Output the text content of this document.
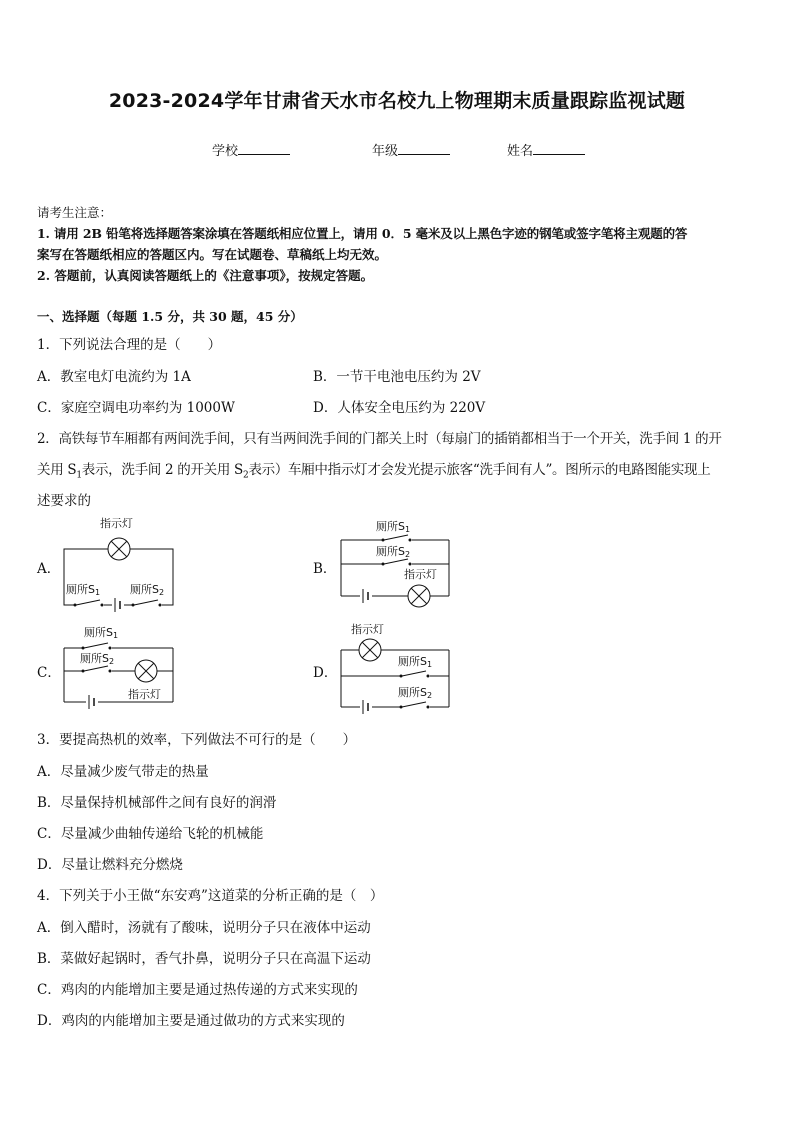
2023-2024学年甘肃省天水市名校九上物理期末质量跟踪监视试题
学校	年级	姓名
请考生注意：
1. 请用 2B 铅笔将选择题答案涂填在答题纸相应位置上，请用 0．5 毫米及以上黑色字迹的钢笔或签字笔将主观题的答
案写在答题纸相应的答题区内。写在试题卷、草稿纸上均无效。
2. 答题前，认真阅读答题纸上的《注意事项》，按规定答题。
一、选择题（每题 1.5 分，共 30 题，45 分）
1．下列说法合理的是（　　）
A．教室电灯电流约为 1A	B．一节干电池电压约为 2V
C．家庭空调电功率约为 1000W	D．人体安全电压约为 220V
2．高铁每节车厢都有两间洗手间，只有当两间洗手间的门都关上时（每扇门的插销都相当于一个开关，洗手间 1 的开
关用 $S_1$表示，洗手间 2 的开关用 $S_2$表示）车厢中指示灯才会发光提示旅客“洗手间有人”。图所示的电路图能实现上
述要求的
A．
指示灯
厕所S1	厕所S2
B．
厕所S1
厕所S2
指示灯
C．
厕所S1
厕所S2
指示灯
D．
指示灯
厕所S1
厕所S2
3．要提高热机的效率，下列做法不可行的是（　　）
A．尽量减少废气带走的热量
B．尽量保持机械部件之间有良好的润滑
C．尽量减少曲轴传递给飞轮的机械能
D．尽量让燃料充分燃烧
4．下列关于小王做“东安鸡”这道菜的分析正确的是（　）
A．倒入醋时，汤就有了酸味，说明分子只在液体中运动
B．菜做好起锅时，香气扑鼻，说明分子只在高温下运动
C．鸡肉的内能增加主要是通过热传递的方式来实现的
D．鸡肉的内能增加主要是通过做功的方式来实现的
